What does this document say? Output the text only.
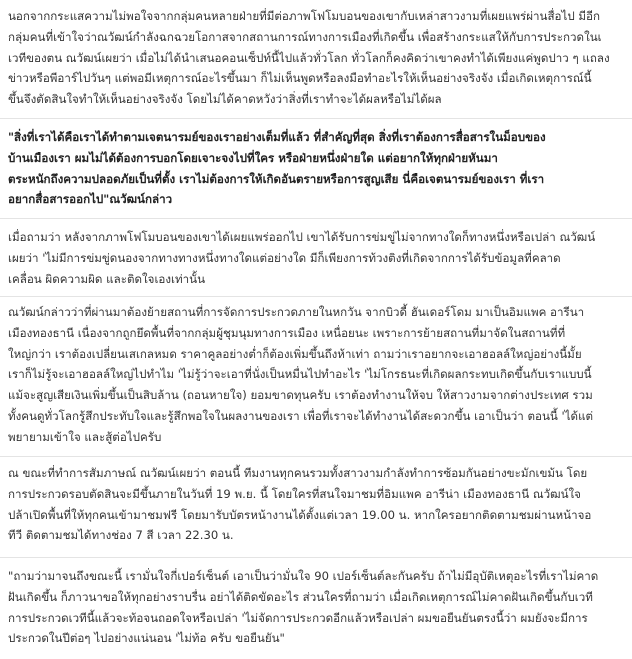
นอกจากกระแสความไม่พอใจจากกลุ่มคนหลายฝ่ายที่มีต่อภาพโฟโมบอนของเขากับเหล่าสาวงามที่เผยแพร่ผ่านสื่อไป มีอีก
กลุ่มคนที่เข้าใจว่าณวัฒน์กำลังฉกฉวยโอกาสจากสถานการณ์ทางการเมืองที่เกิดขึ้น เพื่อสร้างกระแสให้กับการประกวดในเ
เวทีของตน ณวัฒน์เผยว่า เมื่อไม่ได้นำเสนอคอนเซ็ปท์นี้ไปแล้วทั่วโลก ทั่วโลกก็คงคิดว่าเขาคงทำได้เพียงแค่พูดปาว ๆ แถลง
ข่าวหรือพีอาร์ไปวันๆ แต่พอมีเหตุการณ์อะไรขึ้นมา ก็ไม่เห็นพูดหรือลงมือทำอะไรให้เห็นอย่างจริงจัง เมื่อเกิดเหตุการณ์นี้
ขึ้นจึงตัดสินใจทำให้เห็นอย่างจริงจัง โดยไม่ได้คาดหวังว่าสิ่งที่เราทำจะได้ผลหรือไม่ได้ผล
"สิ่งที่เราได้คือเราได้ทำตามเจตนารมย์ของเราอย่างเต็มที่แล้ว ที่สำคัญที่สุด สิ่งที่เราต้องการสื่อสารในม็อบของ
บ้านเมืองเรา ผมไม่ได้ต้องการบอกโดยเจาะจงไปที่ใคร หรือฝ่ายหนึ่งฝ่ายใด แต่อยากให้ทุกฝ่ายหันมา
ตระหนักถึงความปลอดภัยเป็นที่ตั้ง เราไม่ต้องการให้เกิดอันตรายหรือการสูญเสีย นี่คือเจตนารมย์ของเรา ที่เรา
อยากสื่อสารออกไป"ณวัฒน์กล่าว
เมื่อถามว่า หลังจากภาพโฟโมบอนของเขาได้เผยแพร่ออกไป เขาได้รับการข่มขู่ไม่จากทางใดก็ทางหนึ่งหรือเปล่า ณวัฒน์
เผยว่า 'ไม่มีการข่มขู่ดนองจากทางทางหนึ่งทางใดแต่อย่างใด มีก็เพียงการท้วงติงที่เกิดจากการได้รับข้อมูลที่คลาด
เคลื่อน ผิดความผิด และติดใจเองเท่านั้น
ณวัฒน์กล่าวว่าที่ผ่านมาต้องย้ายสถานที่การจัดการประกวดภายในหกวัน จากบิวดี้ ฮันเดอร์โดม มาเป็นอิมแพค อารีนา
เมืองทองธานี เนื่องจากถูกยึดพื้นที่จากกลุ่มผู้ชุมนุมทางการเมือง เหนื่อยนะ เพราะการย้ายสถานที่มาจัดในสถานที่ที่
ใหญ่กว่า เราต้องเปลี่ยนเสเกลหมด ราคาคูลอย่างต่ำก็ต้องเพิ่มขึ้นถึงห้าเท่า ถามว่าเราอยากจะเอาฮอลล์ใหญ่อย่างนี้มั้ย
เราก็ไม่รู้จะเอาฮอลล์ใหญ่ไปทำไม 'ไม่รู้ว่าจะเอาที่นั่งเป็นหมื่นไปทำอะไร 'ไม่โกรธนะที่เกิดผลกระทบเกิดขึ้นกับเราแบบนี้
แม้จะสูญเสียเงินเพิ่มขึ้นเป็นสิบล้าน (ถอนหายใจ) ยอมขาดทุนครับ เราต้องทำงานให้จบ ให้สาวงามจากต่างประเทศ รวม
ทั้งคนดูทั่วโลกรู้สึกประทับใจและรู้สึกพอใจในผลงานของเรา เพื่อที่เราจะได้ทำงานได้สะดวกขึ้น เอาเป็นว่า ตอนนี้ 'ได้แต่
พยายามเข้าใจ และสู้ต่อไปครับ
ณ ขณะที่ทำการสัมภาษณ์ ณวัฒน์เผยว่า ตอนนี้ ทีมงานทุกคนรวมทั้งสาวงามกำลังทำการซ้อมกันอย่างขะมักเขม้น โดย
การประกวดรอบตัดสินจะมีขึ้นภายในวันที่ 19 พ.ย. นี้ โดยใครที่สนใจมาชมที่อิมแพค อารีน่า เมืองทองธานี ณวัฒน์ใจ
ปล้าเปิดพื้นที่ให้ทุกคนเข้ามาชมฟรี โดยมารับบัตรหน้างานได้ตั้งแต่เวลา 19.00 น. หากใครอยากติดตามชมผ่านหน้าจอ
ทีวี ติดตามชมได้ทางช่อง 7 สี เวลา 22.30 น.
"ถามว่ามาจนถึงขณะนี้ เรามั่นใจกี่เปอร์เซ็นต์ เอาเป็นว่ามั่นใจ 90 เปอร์เซ็นต์ละกันครับ ถ้าไม่มีอุบัติเหตุอะไรที่เราไม่คาด
ฝันเกิดขึ้น ก็ภาวนาขอให้ทุกอย่างราบรื่น อย่าได้ติดขัดอะไร ส่วนใครที่ถามว่า เมื่อเกิดเหตุการณ์ไม่คาดฝันเกิดขึ้นกับเวที
การประกวดเวทีนี้แล้วจะท้อจนถอดใจหรือเปล่า 'ไม่จัดการประกวดอีกแล้วหรือเปล่า ผมขอยืนยันตรงนี้ว่า ผมยังจะมีการ
ประกวดในปีต่อๆ ไปอย่างแน่นอน 'ไม่ท้อ ครับ ขอยืนยัน"
